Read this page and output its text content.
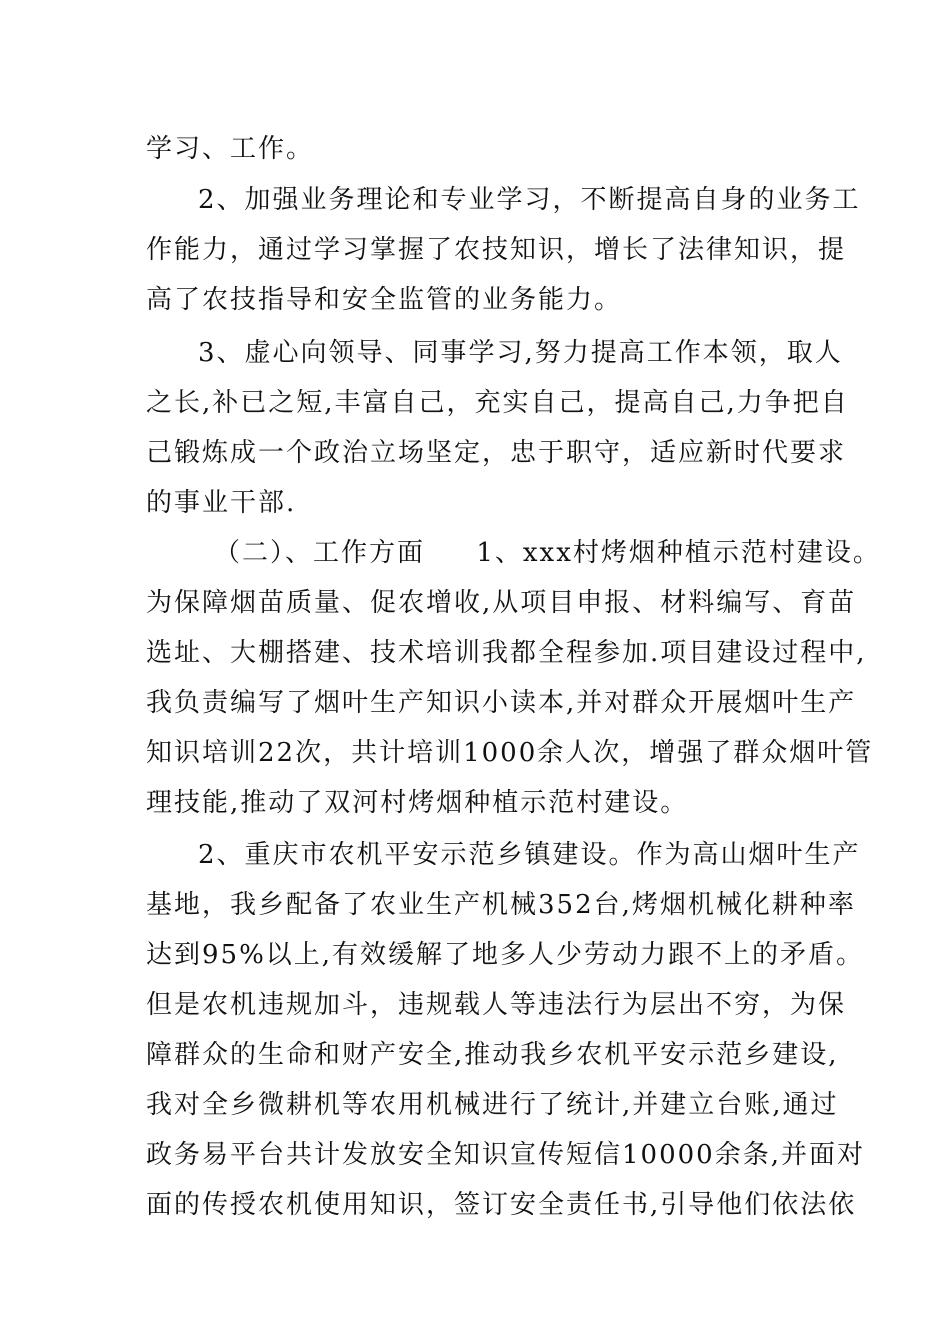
学习、工作。
2、加强业务理论和专业学习，不断提高自身的业务工
作能力，通过学习掌握了农技知识，增长了法律知识，提
高了农技指导和安全监管的业务能力。
3、虚心向领导、同事学习,努力提高工作本领，取人
之长,补已之短,丰富自己，充实自己，提高自己,力争把自
己锻炼成一个政治立场坚定，忠于职守，适应新时代要求
的事业干部.
（二）、工作方面     1、xxx村烤烟种植示范村建设。
为保障烟苗质量、促农增收,从项目申报、材料编写、育苗
选址、大棚搭建、技术培训我都全程参加.项目建设过程中,
我负责编写了烟叶生产知识小读本,并对群众开展烟叶生产
知识培训22次，共计培训1000余人次，增强了群众烟叶管
理技能,推动了双河村烤烟种植示范村建设。
2、重庆市农机平安示范乡镇建设。作为高山烟叶生产
基地，我乡配备了农业生产机械352台,烤烟机械化耕种率
达到95%以上,有效缓解了地多人少劳动力跟不上的矛盾。
但是农机违规加斗，违规载人等违法行为层出不穷，为保
障群众的生命和财产安全,推动我乡农机平安示范乡建设,
我对全乡微耕机等农用机械进行了统计,并建立台账,通过
政务易平台共计发放安全知识宣传短信10000余条,并面对
面的传授农机使用知识，签订安全责任书,引导他们依法依
